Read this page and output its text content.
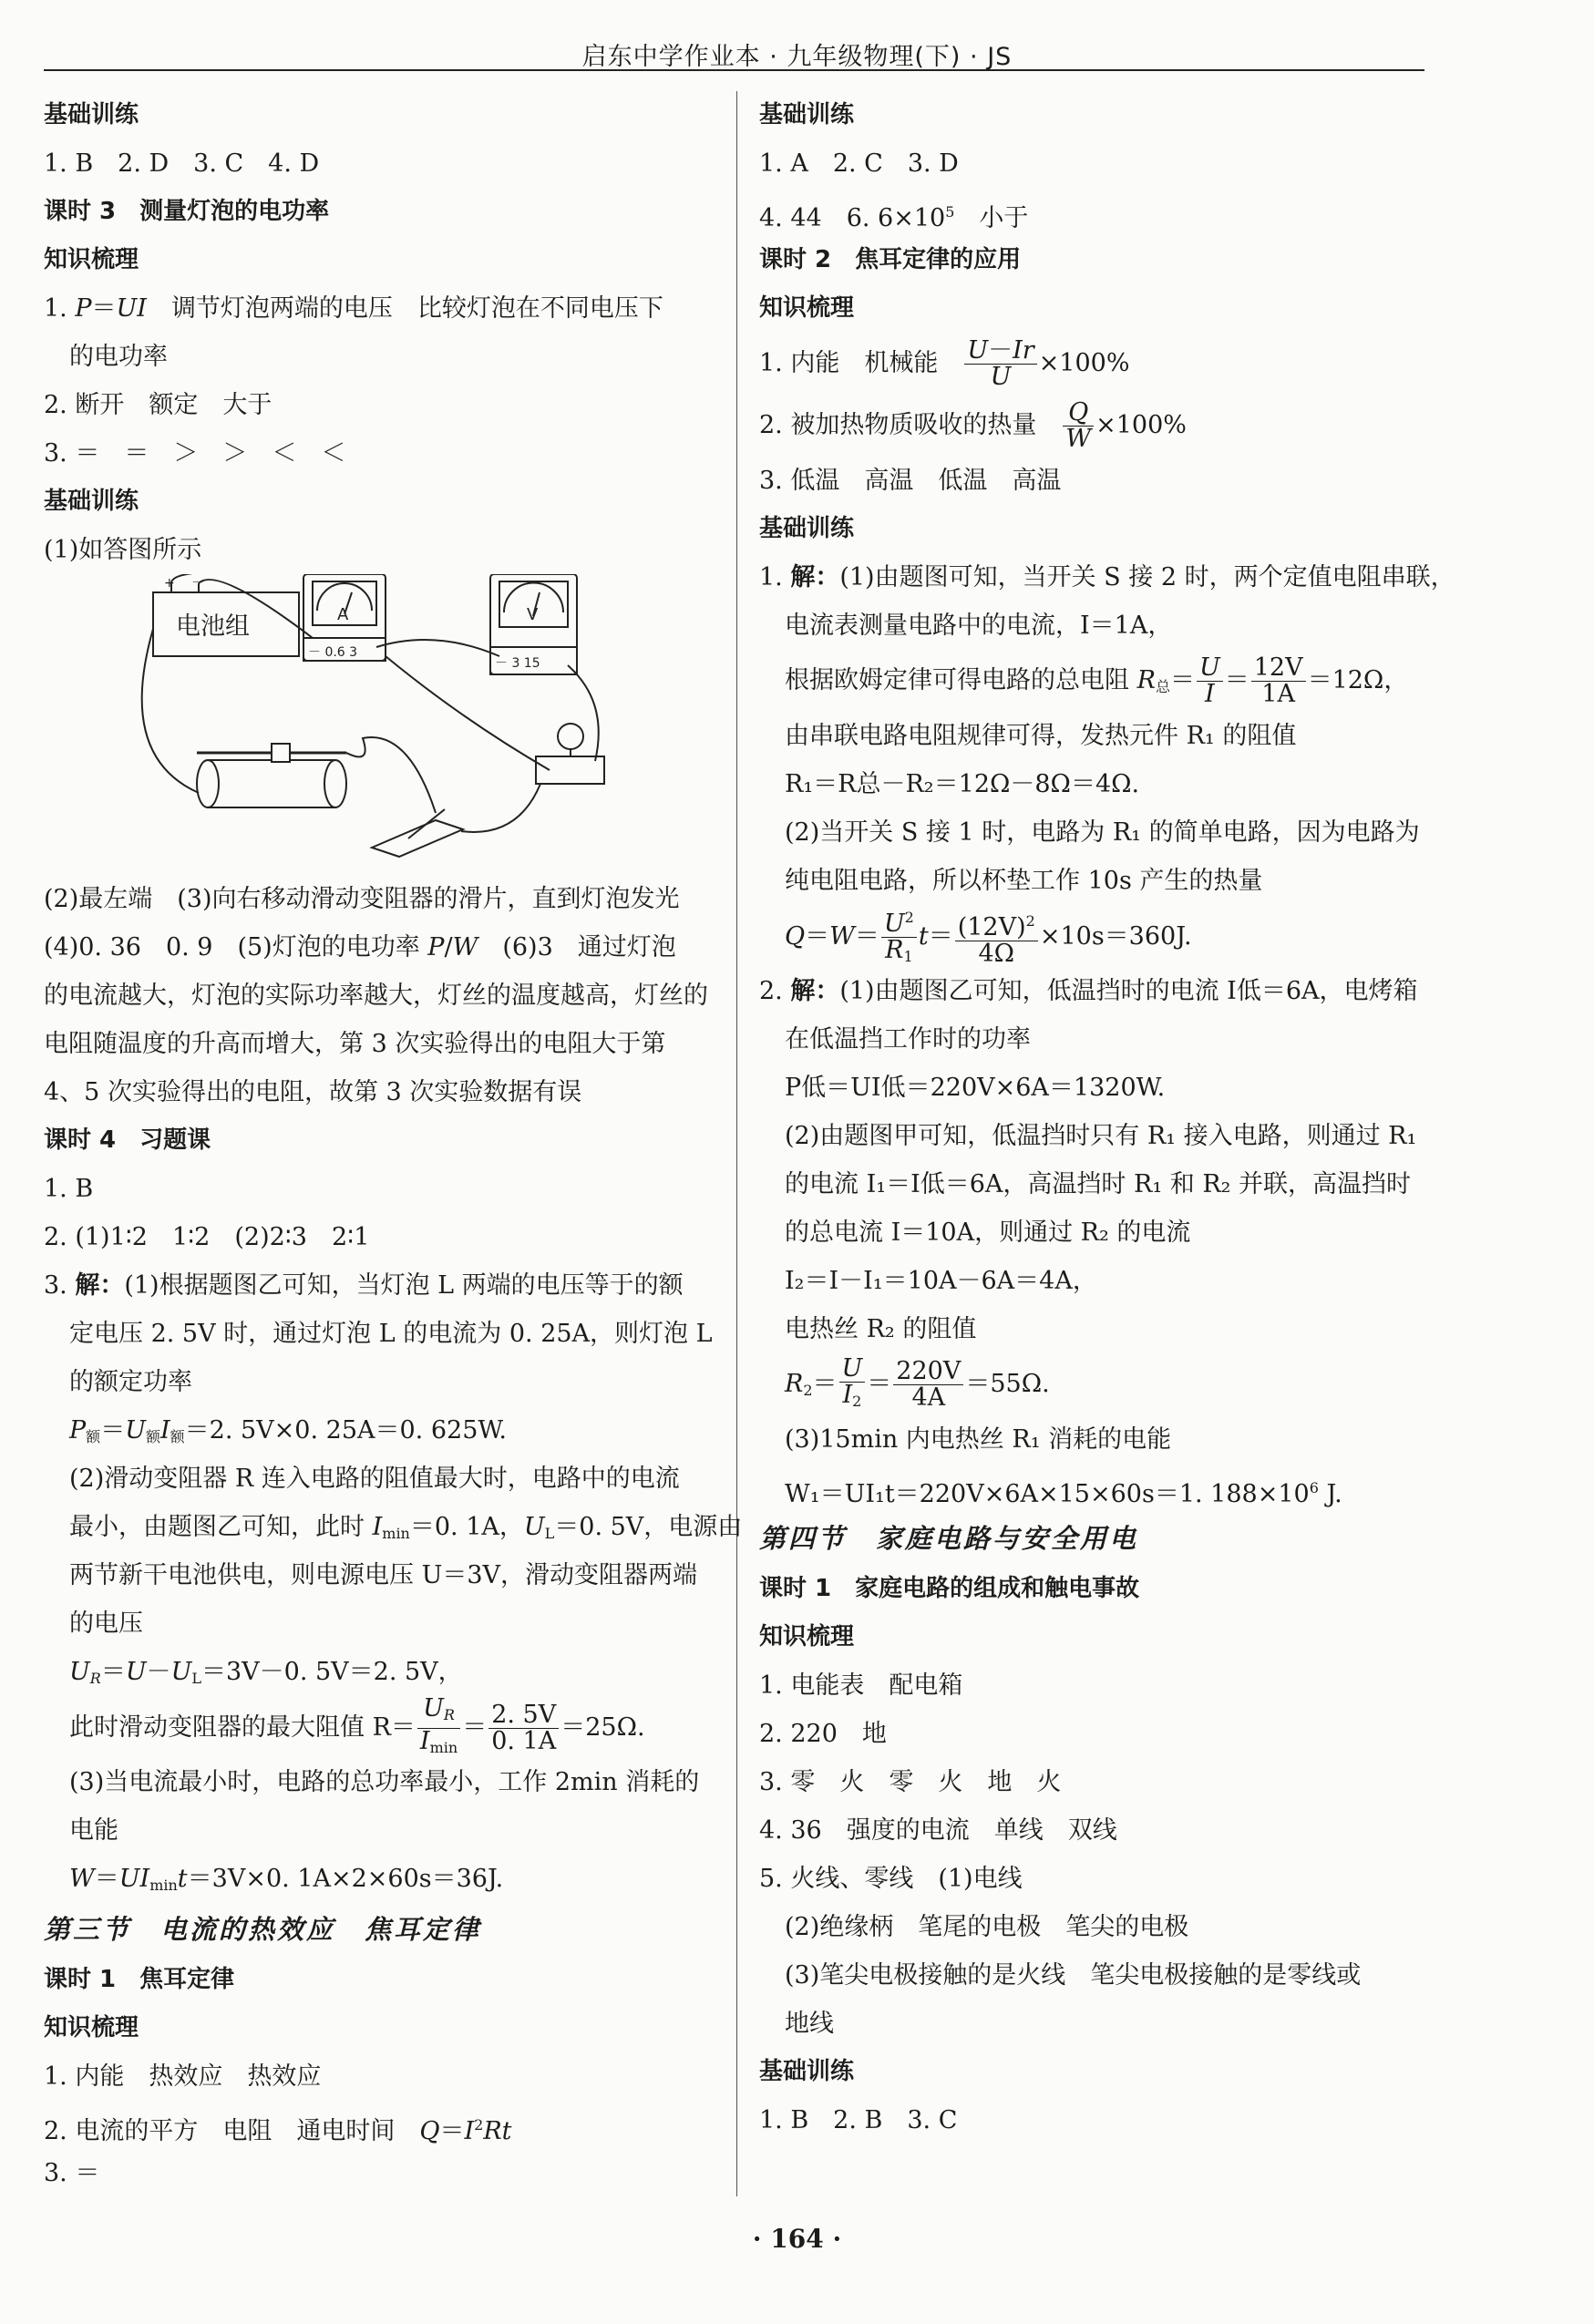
启东中学作业本 · 九年级物理(下) · JS
基础训练
1. B　2. D　3. C　4. D
课时 3　测量灯泡的电功率
知识梳理
1. P＝UI　 调节灯泡两端的电压　比较灯泡在不同电压下
的电功率
2. 断开　额定　大于
3. ＝　＝　＞　＞　＜　＜
基础训练
(1)如答图所示
+ －
A	V
－ 0.6 3
－ 3 15
电池组
(2)最左端　(3)向右移动滑动变阻器的滑片，直到灯泡发光
(4)0. 36　0. 9　(5)灯泡的电功率 P/W　 (6)3　通过灯泡
的电流越大，灯泡的实际功率越大，灯丝的温度越高，灯丝的
电阻随温度的升高而增大，第 3 次实验得出的电阻大于第
4、5 次实验得出的电阻，故第 3 次实验数据有误
课时 4　习题课
1. B
2. (1)1∶2　1∶2　(2)2∶3　2∶1
3. 解：(1)根据题图乙可知，当灯泡 L 两端的电压等于的额
定电压 2. 5V 时，通过灯泡 L 的电流为 0. 25A，则灯泡 L
的额定功率
$P_额=U_额I_额=2$. 5V×0. 25A＝0. 625W.
(2)滑动变阻器 R 连入电路的阻值最大时，电路中的电流
最小，由题图乙可知，此时 $I_{min}=0$. 1A，$U_L=0$. 5V，电源由
两节新干电池供电，则电源电压 U＝3V，滑动变阻器两端
的电压
$U_R=U-U_L=3V-0$. 5V＝2. 5V，
此时滑动变阻器的最大阻值 $R= \frac{U_R}{I_{min}} = \frac{2. 5V}{0. 1A} =25\Omega$.
(3)当电流最小时，电路的总功率最小，工作 2min 消耗的
电能
$W=UI_{min}t=3V\times 0$. 1A×2×60s＝36J.
第三节　电流的热效应　焦耳定律
课时 1　焦耳定律
知识梳理
1. 内能　热效应　热效应
2. 电流的平方　电阻　通电时间　$Q=I^2Rt$
3. ＝
基础训练
1. A　2. C　3. D
4. 44　6. $6\times 10^5$　小于
课时 2　焦耳定律的应用
知识梳理
1. 内能　机械能　 $\frac{U-Ir}{U} \times 100\%$
2. 被加热物质吸收的热量　 $\frac{Q}{W} \times 100\%$
3. 低温　高温　低温　高温
基础训练
1. 解：(1)由题图可知，当开关 S 接 2 时，两个定值电阻串联，
电流表测量电路中的电流，I＝1A，
根据欧姆定律可得电路的总电阻 $R_总= \frac{U}{I} = \frac{12V}{1A} =12\Omega$，
由串联电路电阻规律可得，发热元件 R₁ 的阻值
R₁＝R总－R₂＝12Ω－8Ω＝4Ω.
(2)当开关 S 接 1 时，电路为 R₁ 的简单电路，因为电路为
纯电阻电路，所以杯垫工作 10s 产生的热量
$Q=W= \frac{U^2}{R_1} t= \frac{(12V)^2}{4\Omega} \times 10s=360J$.
2. 解：(1)由题图乙可知，低温挡时的电流 I低＝6A，电烤箱
在低温挡工作时的功率
P低＝UI低＝220V×6A＝1320W.
(2)由题图甲可知，低温挡时只有 R₁ 接入电路，则通过 R₁
的电流 I₁＝I低＝6A，高温挡时 R₁ 和 R₂ 并联，高温挡时
的总电流 I＝10A，则通过 R₂ 的电流
I₂＝I－I₁＝10A－6A＝4A，
电热丝 R₂ 的阻值
$R_2= \frac{U}{I_2} = \frac{220V}{4A} =55\Omega$.
(3)15min 内电热丝 R₁ 消耗的电能
W₁＝UI₁t＝220V×6A×15×60s＝1. $188\times 10^6$ J.
第四节　家庭电路与安全用电
课时 1　家庭电路的组成和触电事故
知识梳理
1. 电能表　配电箱
2. 220　地
3. 零　火　零　火　地　火
4. 36　强度的电流　单线　双线
5. 火线、零线　(1)电线
(2)绝缘柄　笔尾的电极　笔尖的电极
(3)笔尖电极接触的是火线　笔尖电极接触的是零线或
地线
基础训练
1. B　2. B　3. C
· 164 ·
